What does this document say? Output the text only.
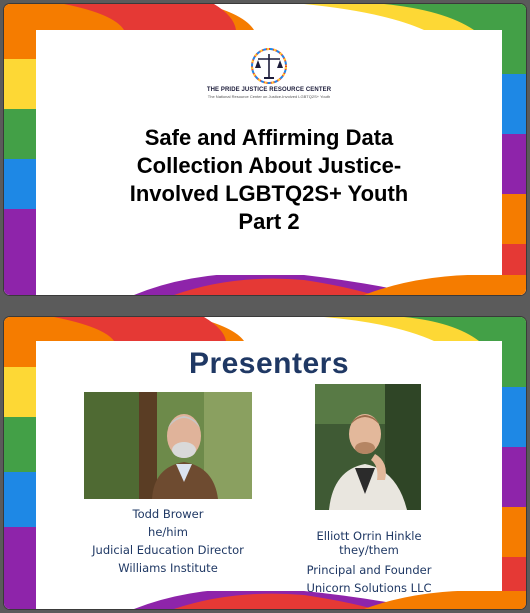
THE PRIDE JUSTICE RESOURCE CENTER
The National Resource Center on Justice-Involved LGBTQ2S+ Youth
Safe and Affirming Data
Collection About Justice-
Involved LGBTQ2S+ Youth
Part 2
Presenters
Todd Brower
he/him
Judicial Education Director
Williams Institute
Elliott Orrin Hinkle
they/them
Principal and Founder
Unicorn Solutions LLC
